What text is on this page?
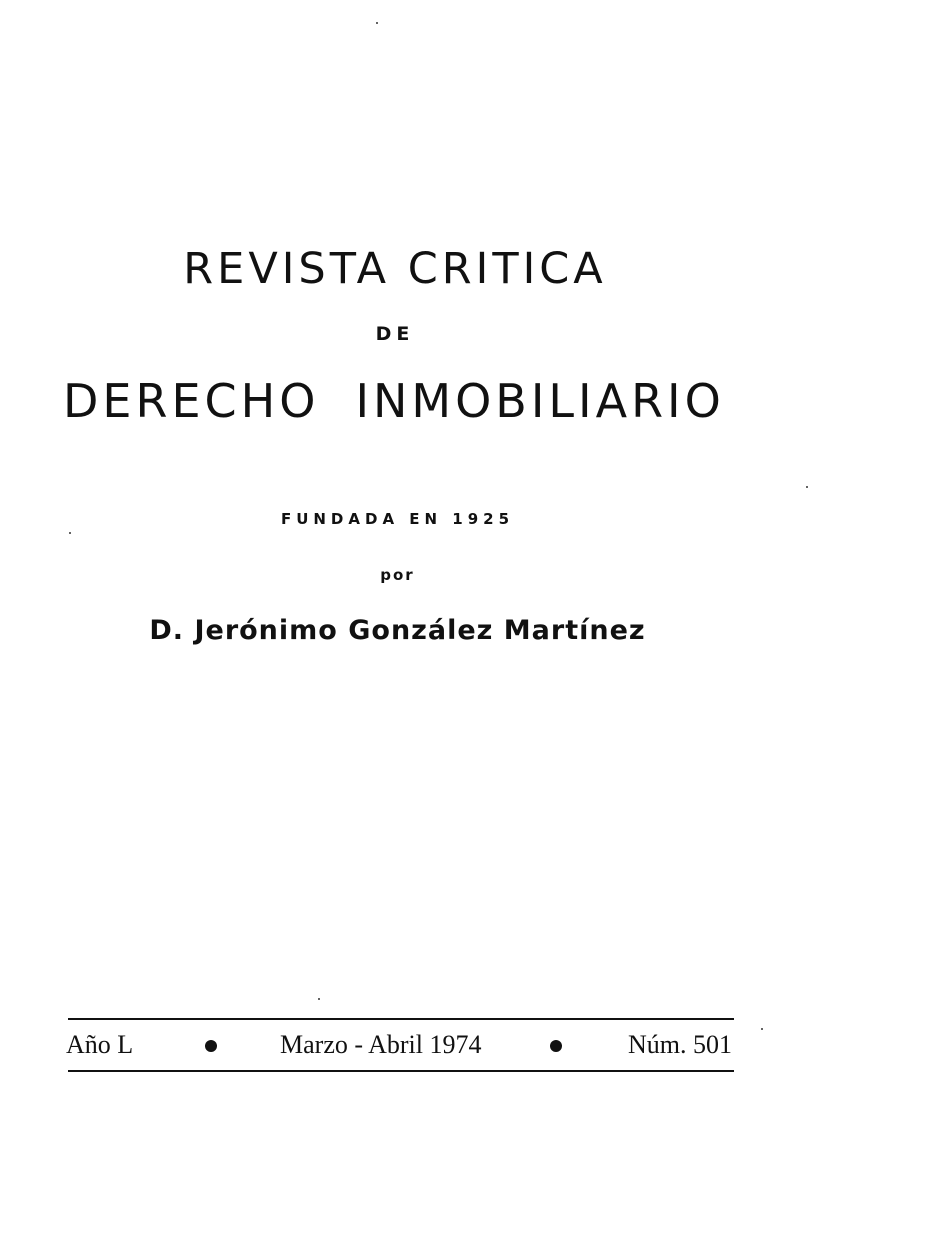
REVISTA CRITICA
DE
DERECHO INMOBILIARIO
FUNDADA EN 1925
por
D. Jerónimo González Martínez
Año L	Marzo - Abril 1974	Núm. 501
